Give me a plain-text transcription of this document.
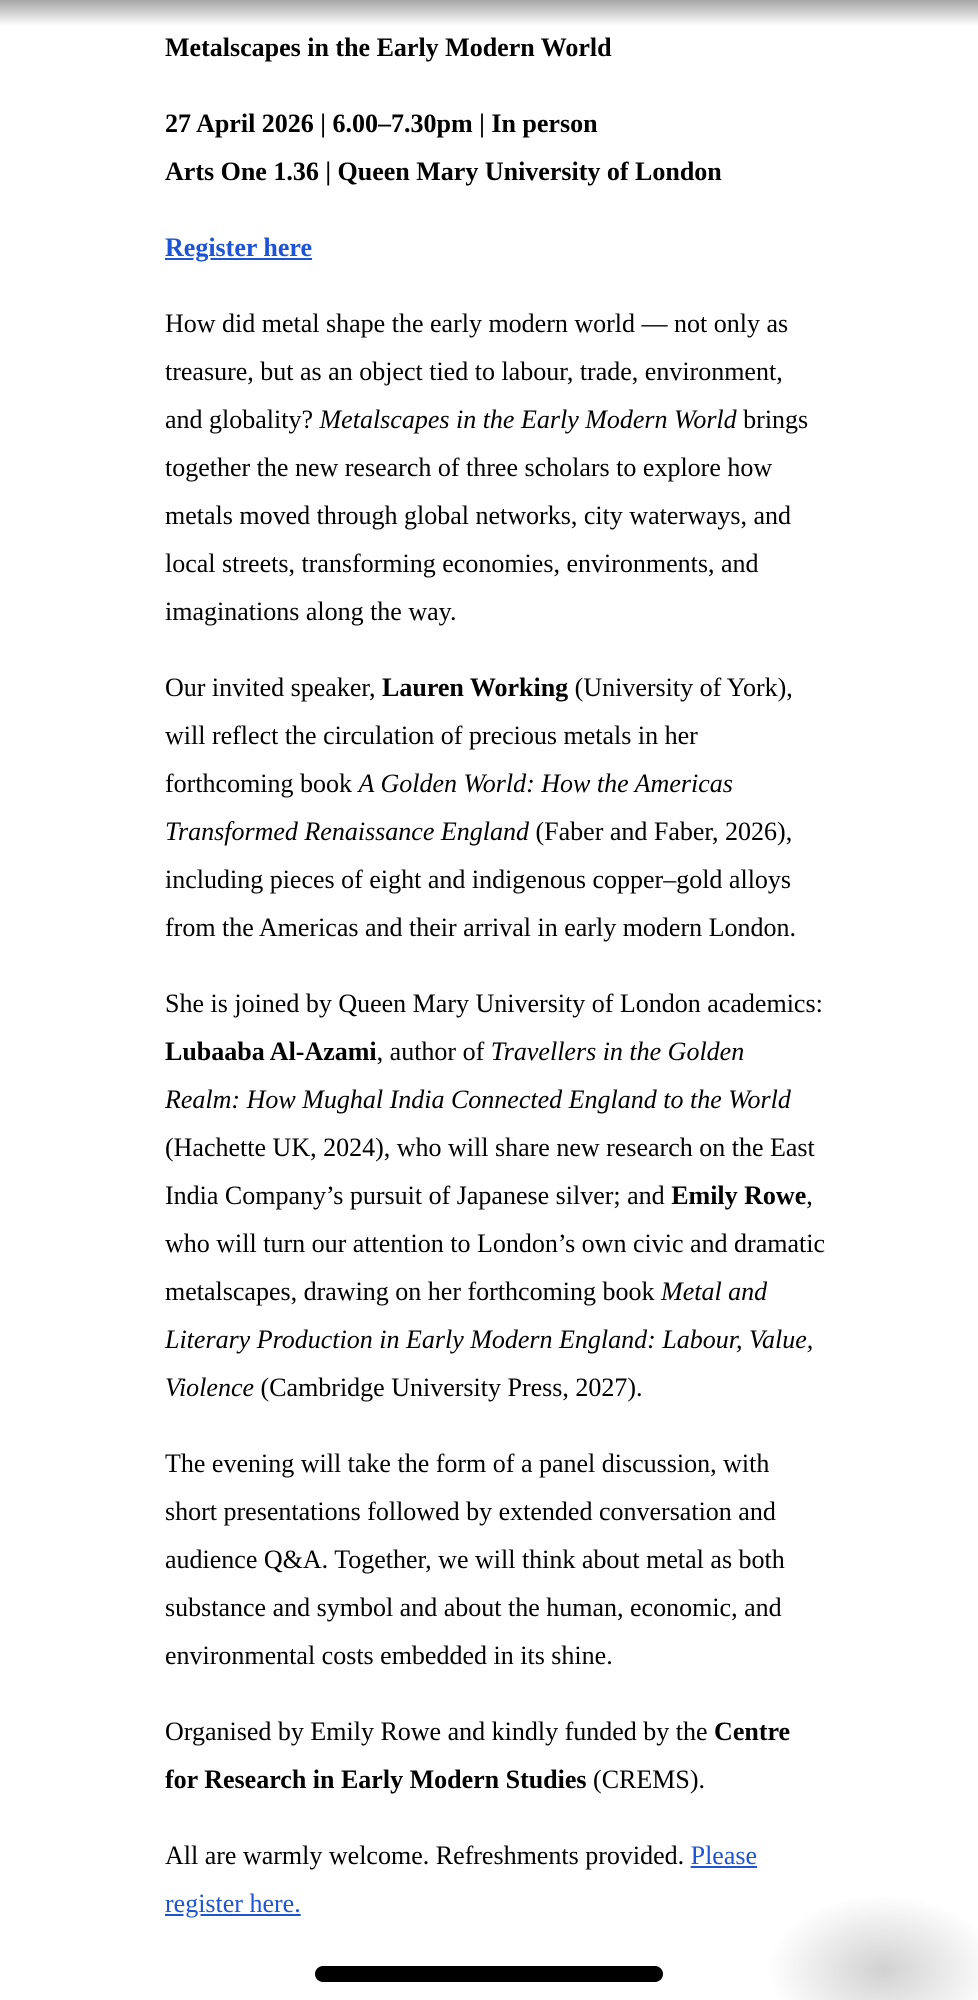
Metalscapes in the Early Modern World
27 April 2026 | 6.00–7.30pm | In person
Arts One 1.36 | Queen Mary University of London
Register here
How did metal shape the early modern world — not only as
treasure, but as an object tied to labour, trade, environment,
and globality? Metalscapes in the Early Modern World brings
together the new research of three scholars to explore how
metals moved through global networks, city waterways, and
local streets, transforming economies, environments, and
imaginations along the way.
Our invited speaker, Lauren Working (University of York),
will reflect the circulation of precious metals in her
forthcoming book A Golden World: How the Americas
Transformed Renaissance England (Faber and Faber, 2026),
including pieces of eight and indigenous copper–gold alloys
from the Americas and their arrival in early modern London.
She is joined by Queen Mary University of London academics:
Lubaaba Al-Azami, author of Travellers in the Golden
Realm: How Mughal India Connected England to the World
(Hachette UK, 2024), who will share new research on the East
India Company’s pursuit of Japanese silver; and Emily Rowe,
who will turn our attention to London’s own civic and dramatic
metalscapes, drawing on her forthcoming book Metal and
Literary Production in Early Modern England: Labour, Value,
Violence (Cambridge University Press, 2027).
The evening will take the form of a panel discussion, with
short presentations followed by extended conversation and
audience Q&A. Together, we will think about metal as both
substance and symbol and about the human, economic, and
environmental costs embedded in its shine.
Organised by Emily Rowe and kindly funded by the Centre
for Research in Early Modern Studies (CREMS).
All are warmly welcome. Refreshments provided. Please
register here.
